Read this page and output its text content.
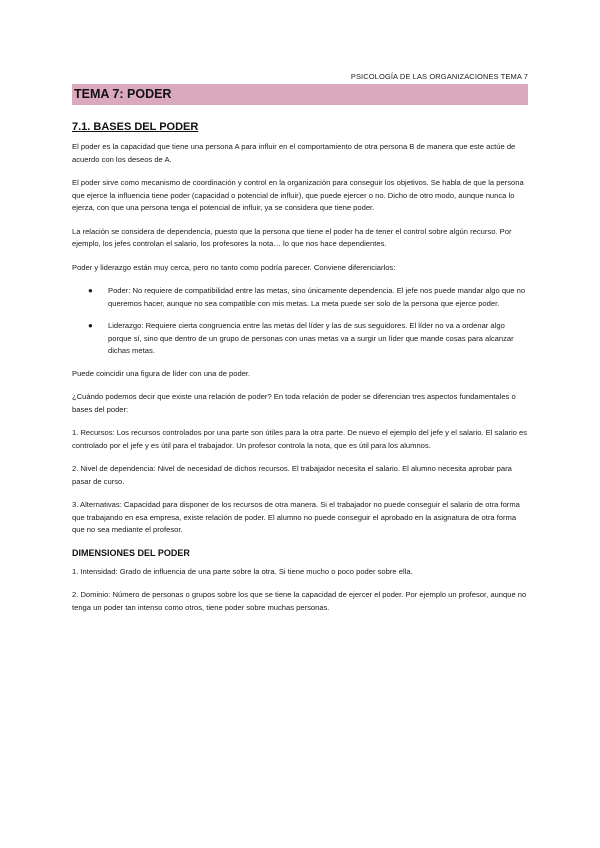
PSICOLOGÍA DE LAS ORGANIZACIONES TEMA 7
TEMA 7: PODER
7.1. BASES DEL PODER

El poder es la capacidad que tiene una persona A para influir en el comportamiento de otra persona B de manera que este actúe de acuerdo con los deseos de A.

El poder sirve como mecanismo de coordinación y control en la organización para conseguir los objetivos. Se habla de que la persona que ejerce la influencia tiene poder (capacidad o potencial de influir), que puede ejercer o no. Dicho de otro modo, aunque nunca lo ejerza, con que una persona tenga el potencial de influir, ya se considera que tiene poder.

La relación se considera de dependencia, puesto que la persona que tiene el poder ha de tener el control sobre algún recurso. Por ejemplo, los jefes controlan el salario, los profesores la nota… lo que nos hace dependientes.

Poder y liderazgo están muy cerca, pero no tanto como podría parecer. Conviene diferenciarlos:

● Poder: No requiere de compatibilidad entre las metas, sino únicamente dependencia. El jefe nos puede mandar algo que no queremos hacer, aunque no sea compatible con mis metas. La meta puede ser solo de la persona que ejerce poder.
● Liderazgo: Requiere cierta congruencia entre las metas del líder y las de sus seguidores. El líder no va a ordenar algo porque sí, sino que dentro de un grupo de personas con unas metas va a surgir un líder que mande cosas para alcanzar dichas metas.

Puede coincidir una figura de líder con una de poder.

¿Cuándo podemos decir que existe una relación de poder? En toda relación de poder se diferencian tres aspectos fundamentales o bases del poder:

1. Recursos: Los recursos controlados por una parte son útiles para la otra parte. De nuevo el ejemplo del jefe y el salario. El salario es controlado por el jefe y es útil para el trabajador. Un profesor controla la nota, que es útil para los alumnos.

2. Nivel de dependencia: Nivel de necesidad de dichos recursos. El trabajador necesita el salario. El alumno necesita aprobar para pasar de curso.

3. Alternativas: Capacidad para disponer de los recursos de otra manera. Si el trabajador no puede conseguir el salario de otra forma que trabajando en esa empresa, existe relación de poder. El alumno no puede conseguir el aprobado en la asignatura de otra forma que no sea mediante el profesor.

DIMENSIONES DEL PODER

1. Intensidad: Grado de influencia de una parte sobre la otra. Si tiene mucho o poco poder sobre ella.

2. Dominio: Número de personas o grupos sobre los que se tiene la capacidad de ejercer el poder. Por ejemplo un profesor, aunque no tenga un poder tan intenso como otros, tiene poder sobre muchas personas.
